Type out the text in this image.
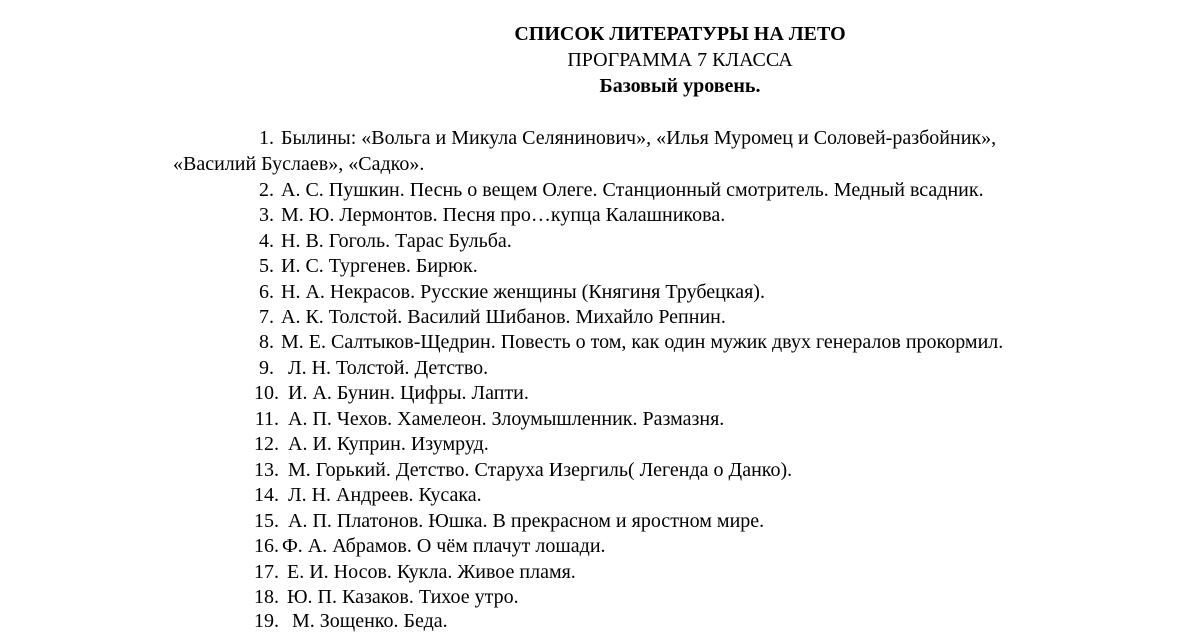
СПИСОК ЛИТЕРАТУРЫ НА ЛЕТО
ПРОГРАММА 7 КЛАССА
Базовый уровень.
1. Былины: «Вольга и Микула Селянинович», «Илья Муромец и Соловей-разбойник»,
«Василий Буслаев», «Садко».
2. А. С. Пушкин. Песнь о вещем Олеге. Станционный смотритель. Медный всадник.
3. М. Ю. Лермонтов. Песня про…купца Калашникова.
4. Н. В. Гоголь. Тарас Бульба.
5. И. С. Тургенев. Бирюк.
6. Н. А. Некрасов. Русские женщины (Княгиня Трубецкая).
7. А. К. Толстой. Василий Шибанов. Михайло Репнин.
8. М. Е. Салтыков-Щедрин. Повесть о том, как один мужик двух генералов прокормил.
9. Л. Н. Толстой. Детство.
10. И. А. Бунин. Цифры. Лапти.
11. А. П. Чехов. Хамелеон. Злоумышленник. Размазня.
12. А. И. Куприн. Изумруд.
13. М. Горький. Детство. Старуха Изергиль( Легенда о Данко).
14. Л. Н. Андреев. Кусака.
15. А. П. Платонов. Юшка. В прекрасном и яростном мире.
16. Ф. А. Абрамов. О чём плачут лошади.
17. Е. И. Носов. Кукла. Живое пламя.
18. Ю. П. Казаков. Тихое утро.
19. М. Зощенко. Беда.
